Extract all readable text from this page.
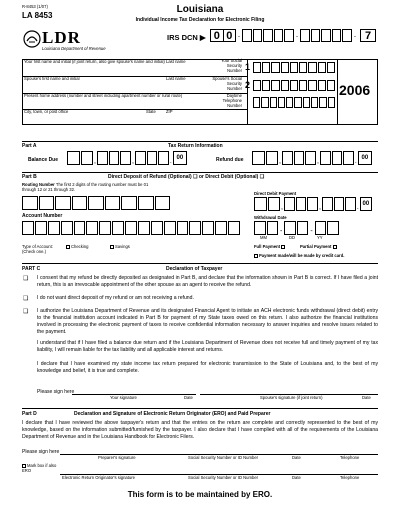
R-8453 (1/07)
LA 8453
Louisiana
Individual Income Tax Declaration for Electronic Filing
LDR
Louisiana Department of Revenue
IRS DCN ▶ 0 0 -	-	- 7
Your first name and initial (if joint return, also give spouse's name and initial) Last name	Your Social Security Number 1
Spouse's first name and initial	Last name	Spouse's Social Security Number 2
Present home address (number and street including apartment number or rural route)	Daytime Telephone Number
City, town, or post office	State ZIP
2006
Part A	Tax Return Information
Balance Due	,	,	. 00	Refund due	,	,	. 00
Part B	Direct Deposit of Refund (Optional) ❑ or Direct Debit (Optional) ❑
Routing Number The first 2 digits of the routing number must be 01 through 12 or 21 through 32.
Direct Debit Payment
,	,	. 00
Account Number	Withdrawal Date
-	-
MM	DD	YY
Type of Account:
(Check one.)
Checking	Savings	Full Payment	Partial Payment
Payment made/will be made by credit card.
PART C	Declaration of Taxpayer
❑ I consent that my refund be directly deposited as designated in Part B, and declare that the information shown in Part B is correct. If I have filed a joint return, this is an irrevocable appointment of the other spouse as an agent to receive the refund.
❑ I do not want direct deposit of my refund or am not receiving a refund.
❑ I authorize the Louisiana Department of Revenue and its designated Financial Agent to initiate an ACH electronic funds withdrawal (direct debit) entry to the financial institution account indicated in Part B for payment of my State taxes owed on this return. I also authorize the financial institutions involved in processing the electronic payment of taxes to receive confidential information necessary to answer inquiries and resolve issues related to the payment.
I understand that if I have filed a balance due return and if the Louisiana Department of Revenue does not receive full and timely payment of my tax liability, I will remain liable for the tax liability and all applicable interest and returns.
I declare that I have examined my state income tax return prepared for electronic transmission to the State of Louisiana and, to the best of my knowledge and belief, it is true and complete.
Please sign here
Your signature	Date	Spouse's signature (if joint return)	Date
Part D	Declaration and Signature of Electronic Return Originator (ERO) and Paid Preparer
I declare that I have reviewed the above taxpayer's return and that the entries on the return are complete and correctly represented to the best of my knowledge, based on the information submitted/furnished by the taxpayer. I also declare that I have complied with all of the requirements of the Louisiana Department of Revenue and in the Louisiana Handbook for Electronic Filers.
Please sign here
Preparer's signature	Social Security Number or ID Number	Date	Telephone
Mark box if also ERO
Electronic Return Originator's signature	Social Security Number or ID Number	Date	Telephone
This form is to be maintained by ERO.
